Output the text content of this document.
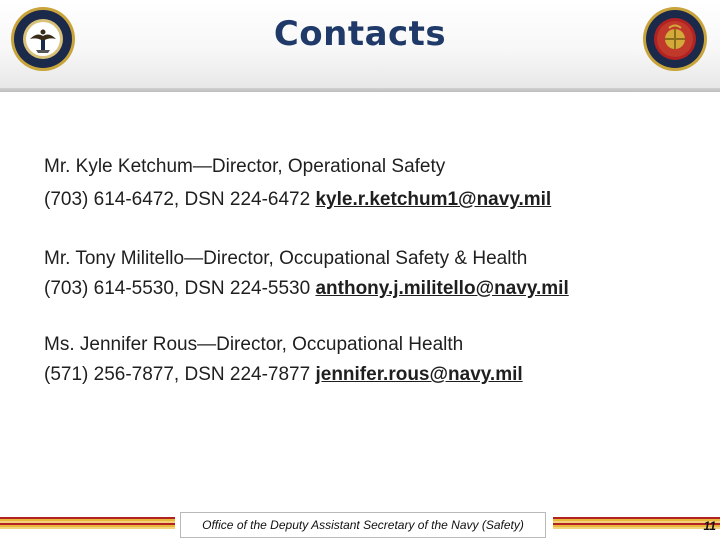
Contacts
Mr. Kyle Ketchum—Director, Operational Safety
(703) 614-6472, DSN 224-6472 kyle.r.ketchum1@navy.mil
Mr. Tony Militello—Director, Occupational Safety & Health
(703) 614-5530, DSN 224-5530 anthony.j.militello@navy.mil
Ms. Jennifer Rous—Director, Occupational Health
(571) 256-7877, DSN 224-7877 jennifer.rous@navy.mil
Office of the Deputy Assistant Secretary of the Navy (Safety)	11
